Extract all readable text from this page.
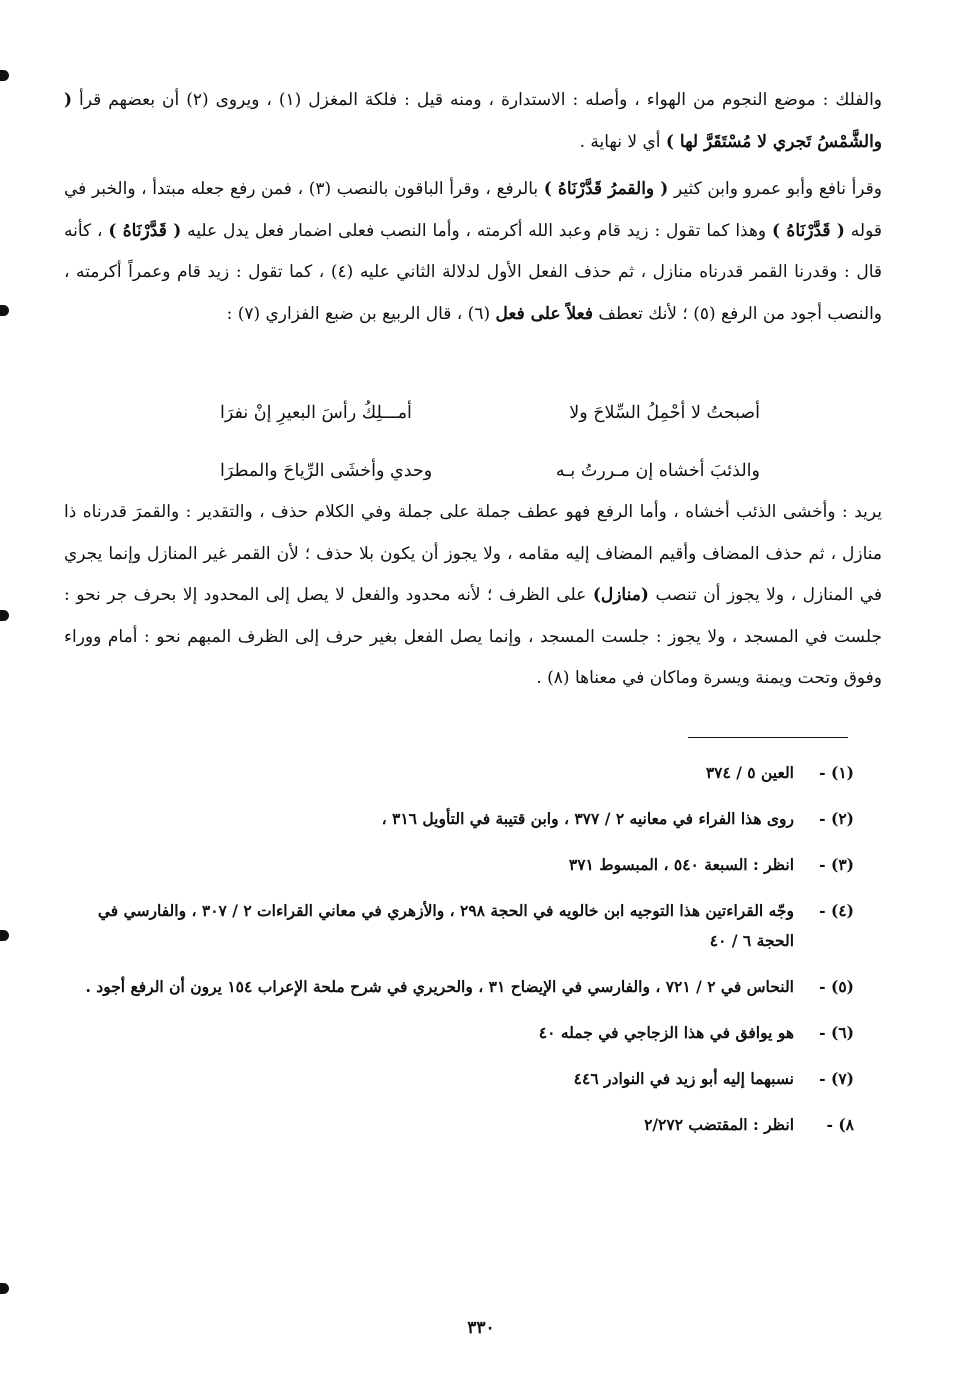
والفلك : موضع النجوم من الهواء ، وأصله : الاستدارة ، ومنه قيل : فلكة المغزل (١) ، ويروى (٢) أن بعضهم قرأ ( والشَّمْسُ تَجري لا مُسْتَقَرَّ لها ) أي لا نهاية .

وقرأ نافع وأبو عمرو وابن كثير ( والقمرُ قَدَّرْنَاهُ ) بالرفع ، وقرأ الباقون بالنصب (٣) ، فمن رفع جعله مبتدأ ، والخبر في قوله ( قَدَّرْنَاهُ ) وهذا كما تقول : زيد قام وعبد الله أكرمته ، وأما النصب فعلى اضمار فعل يدل عليه ( قَدَّرْنَاهُ ) ، كأنه قال : وقدرنا القمر قدرناه منازل ، ثم حذف الفعل الأول لدلالة الثاني عليه (٤) ، كما تقول : زيد قام وعمراً أكرمته ، والنصب أجود من الرفع (٥) ؛ لأنك تعطف فعلاً على فعل (٦) ، قال الربيع بن ضبع الفزاري (٧) :

أصبحتُ لا أحْمِلُ السِّلاحَ ولا
أمـــلِكُ رأسَ البعيرِ إنْ نفرَا
والذئبَ أخشاه إن مـررتُ بـه
وحدي وأخشَى الرِّياحَ والمطرَا

يريد : وأخشى الذئب أخشاه ، وأما الرفع فهو عطف جملة على جملة وفي الكلام حذف ، والتقدير : والقمرَ قدرناه ذا منازل ، ثم حذف المضاف وأقيم المضاف إليه مقامه ، ولا يجوز أن يكون بلا حذف ؛ لأن القمر غير المنازل وإنما يجري في المنازل ، ولا يجوز أن تنصب (منازل) على الظرف ؛ لأنه محدود والفعل لا يصل إلى المحدود إلا بحرف جر نحو : جلست في المسجد ، ولا يجوز : جلست المسجد ، وإنما يصل الفعل بغير حرف إلى الظرف المبهم نحو : أمام ووراء وفوق وتحت ويمنة ويسرة وماكان في معناها (٨) .

(١) -
العين ٥ / ٣٧٤
(٢) -
روى هذا الفراء في معانيه ٢ / ٣٧٧ ، وابن قتيبة في التأويل ٣١٦ ،
(٣) -
انظر : السبعة ٥٤٠ ، المبسوط ٣٧١
(٤) -
وجّه القراءتين هذا التوجيه ابن خالويه في الحجة ٢٩٨ ، والأزهري في معاني القراءات ٢ / ٣٠٧ ، والفارسي في الحجة ٦ / ٤٠
(٥) -
النحاس في ٢ / ٧٢١ ، والفارسي في الإيضاح ٣١ ، والحريري في شرح ملحة الإعراب ١٥٤ يرون أن الرفع أجود .
(٦) -
هو يوافق في هذا الزجاجي في جمله ٤٠
(٧) -
نسبهما إليه أبو زيد في النوادر ٤٤٦
٨) -
انظر : المقتضب ٢/٢٧٢
٣٣٠
